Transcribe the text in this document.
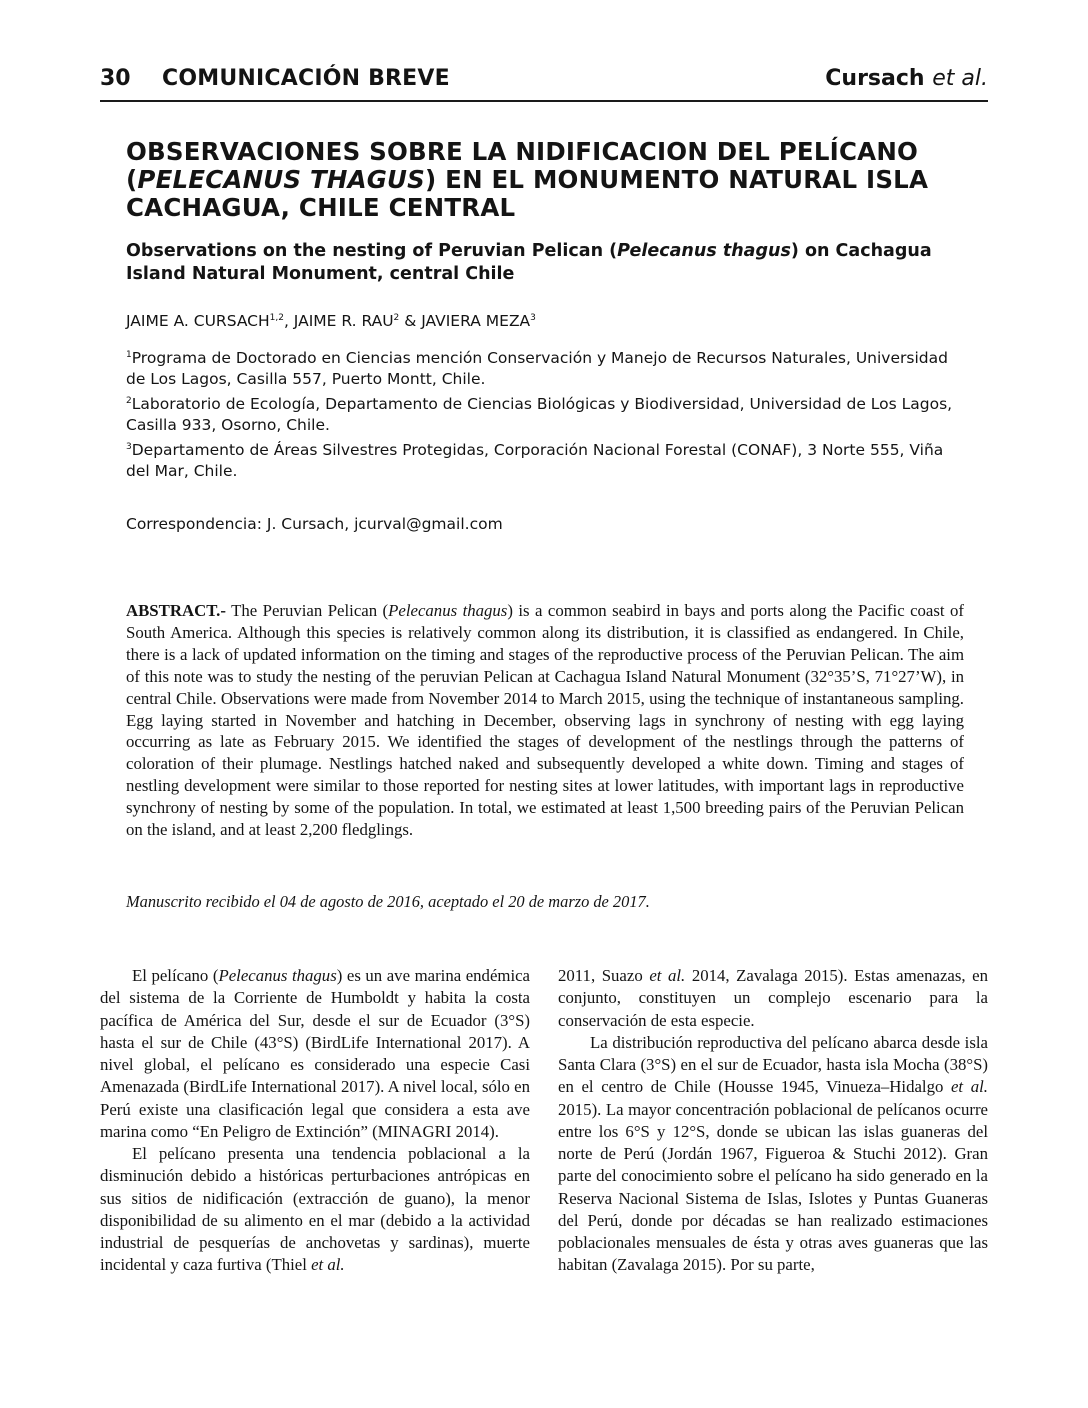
30 COMUNICACIÓN BREVE	Cursach et al.
OBSERVACIONES SOBRE LA NIDIFICACION DEL PELÍCANO
(PELECANUS THAGUS) EN EL MONUMENTO NATURAL ISLA
CACHAGUA, CHILE CENTRAL
Observations on the nesting of Peruvian Pelican (Pelecanus thagus) on Cachagua Island Natural Monument, central Chile
JAIME A. CURSACH$^{1,2}$, JAIME R. RAU$^2$ & JAVIERA MEZA$^3$

$^1$Programa de Doctorado en Ciencias mención Conservación y Manejo de Recursos Naturales, Universidad de Los Lagos, Casilla 557, Puerto Montt, Chile.

$^2$Laboratorio de Ecología, Departamento de Ciencias Biológicas y Biodiversidad, Universidad de Los Lagos, Casilla 933, Osorno, Chile.

$^3$Departamento de Áreas Silvestres Protegidas, Corporación Nacional Forestal (CONAF), 3 Norte 555, Viña del Mar, Chile.

Correspondencia: J. Cursach, jcurval@gmail.com
ABSTRACT.- The Peruvian Pelican (Pelecanus thagus) is a common seabird in bays and ports along the Pacific coast of South America. Although this species is relatively common along its distribution, it is classified as endangered. In Chile, there is a lack of updated information on the timing and stages of the reproductive process of the Peruvian Pelican. The aim of this note was to study the nesting of the peruvian Pelican at Cachagua Island Natural Monument (32°35’S, 71°27’W), in central Chile. Observations were made from November 2014 to March 2015, using the technique of instantaneous sampling. Egg laying started in November and hatching in December, observing lags in synchrony of nesting with egg laying occurring as late as February 2015. We identified the stages of development of the nestlings through the patterns of coloration of their plumage. Nestlings hatched naked and subsequently developed a white down. Timing and stages of nestling development were similar to those reported for nesting sites at lower latitudes, with important lags in reproductive synchrony of nesting by some of the population. In total, we estimated at least 1,500 breeding pairs of the Peruvian Pelican on the island, and at least 2,200 fledglings.
Manuscrito recibido el 04 de agosto de 2016, aceptado el 20 de marzo de 2017.

El pelícano (Pelecanus thagus) es un ave marina endémica del sistema de la Corriente de Humboldt y habita la costa pacífica de América del Sur, desde el sur de Ecuador (3°S) hasta el sur de Chile (43°S) (BirdLife International 2017). A nivel global, el pelícano es considerado una especie Casi Amenazada (BirdLife International 2017). A nivel local, sólo en Perú existe una clasificación legal que considera a esta ave marina como “En Peligro de Extinción” (MINAGRI 2014).

El pelícano presenta una tendencia poblacional a la disminución debido a históricas perturbaciones antrópicas en sus sitios de nidificación (extracción de guano), la menor disponibilidad de su alimento en el mar (debido a la actividad industrial de pesquerías de anchovetas y sardinas), muerte incidental y caza furtiva (Thiel et al.

2011, Suazo et al. 2014, Zavalaga 2015). Estas amenazas, en conjunto, constituyen un complejo escenario para la conservación de esta especie.

La distribución reproductiva del pelícano abarca desde isla Santa Clara (3°S) en el sur de Ecuador, hasta isla Mocha (38°S) en el centro de Chile (Housse 1945, Vinueza–Hidalgo et al. 2015). La mayor concentración poblacional de pelícanos ocurre entre los 6°S y 12°S, donde se ubican las islas guaneras del norte de Perú (Jordán 1967, Figueroa & Stuchi 2012). Gran parte del conocimiento sobre el pelícano ha sido generado en la Reserva Nacional Sistema de Islas, Islotes y Puntas Guaneras del Perú, donde por décadas se han realizado estimaciones poblacionales mensuales de ésta y otras aves guaneras que las habitan (Zavalaga 2015). Por su parte,
